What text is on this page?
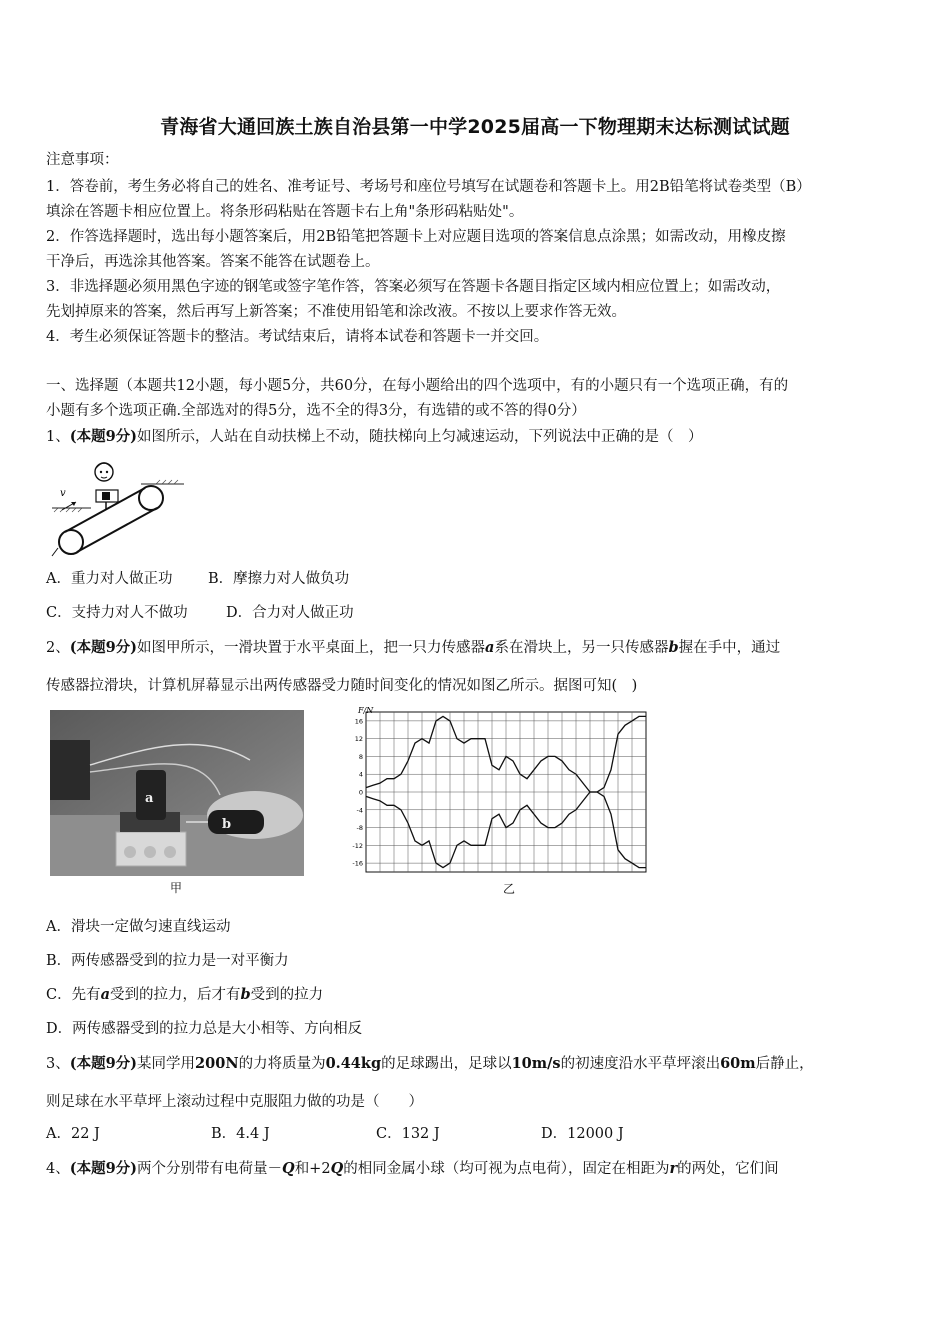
青海省大通回族土族自治县第一中学2025届高一下物理期末达标测试试题
注意事项：
1．答卷前，考生务必将自己的姓名、准考证号、考场号和座位号填写在试题卷和答题卡上。用2B铅笔将试卷类型（B）
填涂在答题卡相应位置上。将条形码粘贴在答题卡右上角"条形码粘贴处"。
2．作答选择题时，选出每小题答案后，用2B铅笔把答题卡上对应题目选项的答案信息点涂黑；如需改动，用橡皮擦
干净后，再选涂其他答案。答案不能答在试题卷上。
3．非选择题必须用黑色字迹的钢笔或签字笔作答，答案必须写在答题卡各题目指定区域内相应位置上；如需改动，
先划掉原来的答案，然后再写上新答案；不准使用铅笔和涂改液。不按以上要求作答无效。
4．考生必须保证答题卡的整洁。考试结束后，请将本试卷和答题卡一并交回。
一、选择题（本题共12小题，每小题5分，共60分，在每小题给出的四个选项中，有的小题只有一个选项正确，有的
小题有多个选项正确.全部选对的得5分，选不全的得3分，有选错的或不答的得0分）
1、(本题9分)如图所示，人站在自动扶梯上不动，随扶梯向上匀减速运动，下列说法中正确的是（　）
v
A．重力对人做正功 B．摩擦力对人做负功
C．支持力对人不做功	D．合力对人做正功
2、(本题9分)如图甲所示，一滑块置于水平桌面上，把一只力传感器a系在滑块上，另一只传感器b握在手中，通过
传感器拉滑块，计算机屏幕显示出两传感器受力随时间变化的情况如图乙所示。据图可知(　)
a
b
甲
16
12
8
4
0
-4
-8
-12
-16
F/N
乙
A．滑块一定做匀速直线运动
B．两传感器受到的拉力是一对平衡力
C．先有a受到的拉力，后才有b受到的拉力
D．两传感器受到的拉力总是大小相等、方向相反
3、(本题9分)某同学用200N的力将质量为0.44kg的足球踢出，足球以10m/s的初速度沿水平草坪滚出60m后静止，
则足球在水平草坪上滚动过程中克服阻力做的功是（　　）
A．22 J	B．4.4 J	C．132 J	D．12000 J
4、(本题9分)两个分别带有电荷量－Q和+2Q的相同金属小球（均可视为点电荷），固定在相距为r的两处，它们间
